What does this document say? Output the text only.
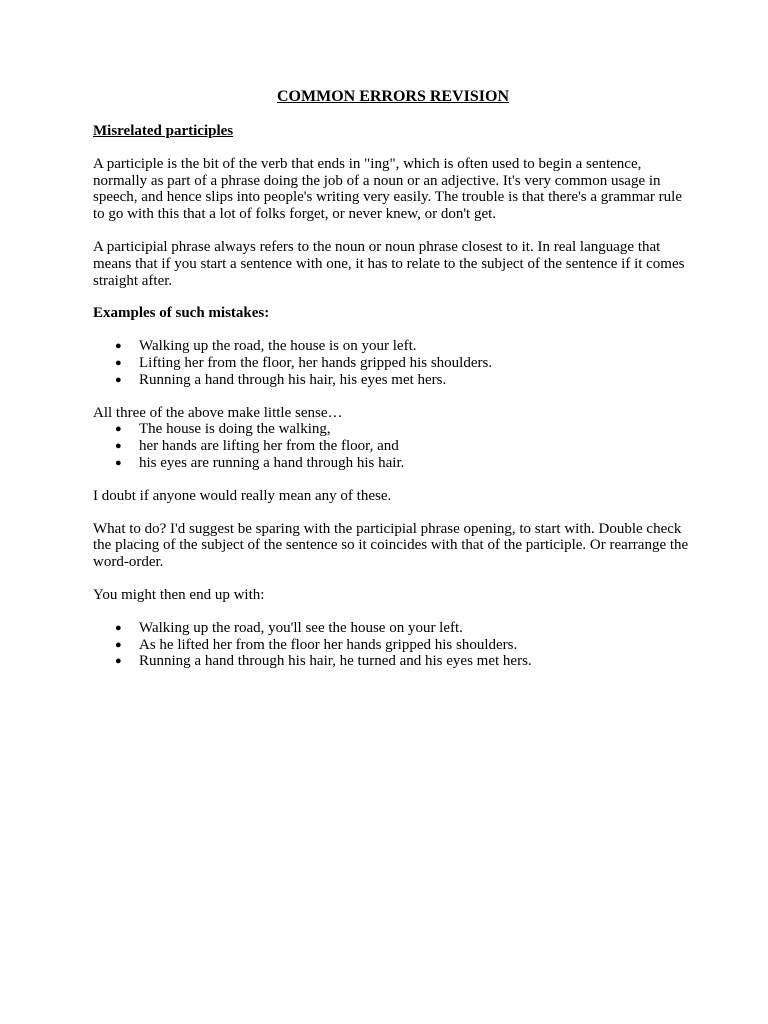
COMMON ERRORS REVISION
Misrelated participles

A participle is the bit of the verb that ends in "ing", which is often used to begin a sentence, normally as part of a phrase doing the job of a noun or an adjective. It's very common usage in speech, and hence slips into people's writing very easily. The trouble is that there's a grammar rule to go with this that a lot of folks forget, or never knew, or don't get.

A participial phrase always refers to the noun or noun phrase closest to it. In real language that means that if you start a sentence with one, it has to relate to the subject of the sentence if it comes straight after.

Examples of such mistakes:
● Walking up the road, the house is on your left.
● Lifting her from the floor, her hands gripped his shoulders.
● Running a hand through his hair, his eyes met hers.

All three of the above make little sense…

● The house is doing the walking,
● her hands are lifting her from the floor, and
● his eyes are running a hand through his hair.

I doubt if anyone would really mean any of these.

What to do? I'd suggest be sparing with the participial phrase opening, to start with. Double check the placing of the subject of the sentence so it coincides with that of the participle. Or rearrange the word-order.

You might then end up with:

● Walking up the road, you'll see the house on your left.
● As he lifted her from the floor her hands gripped his shoulders.
● Running a hand through his hair, he turned and his eyes met hers.
